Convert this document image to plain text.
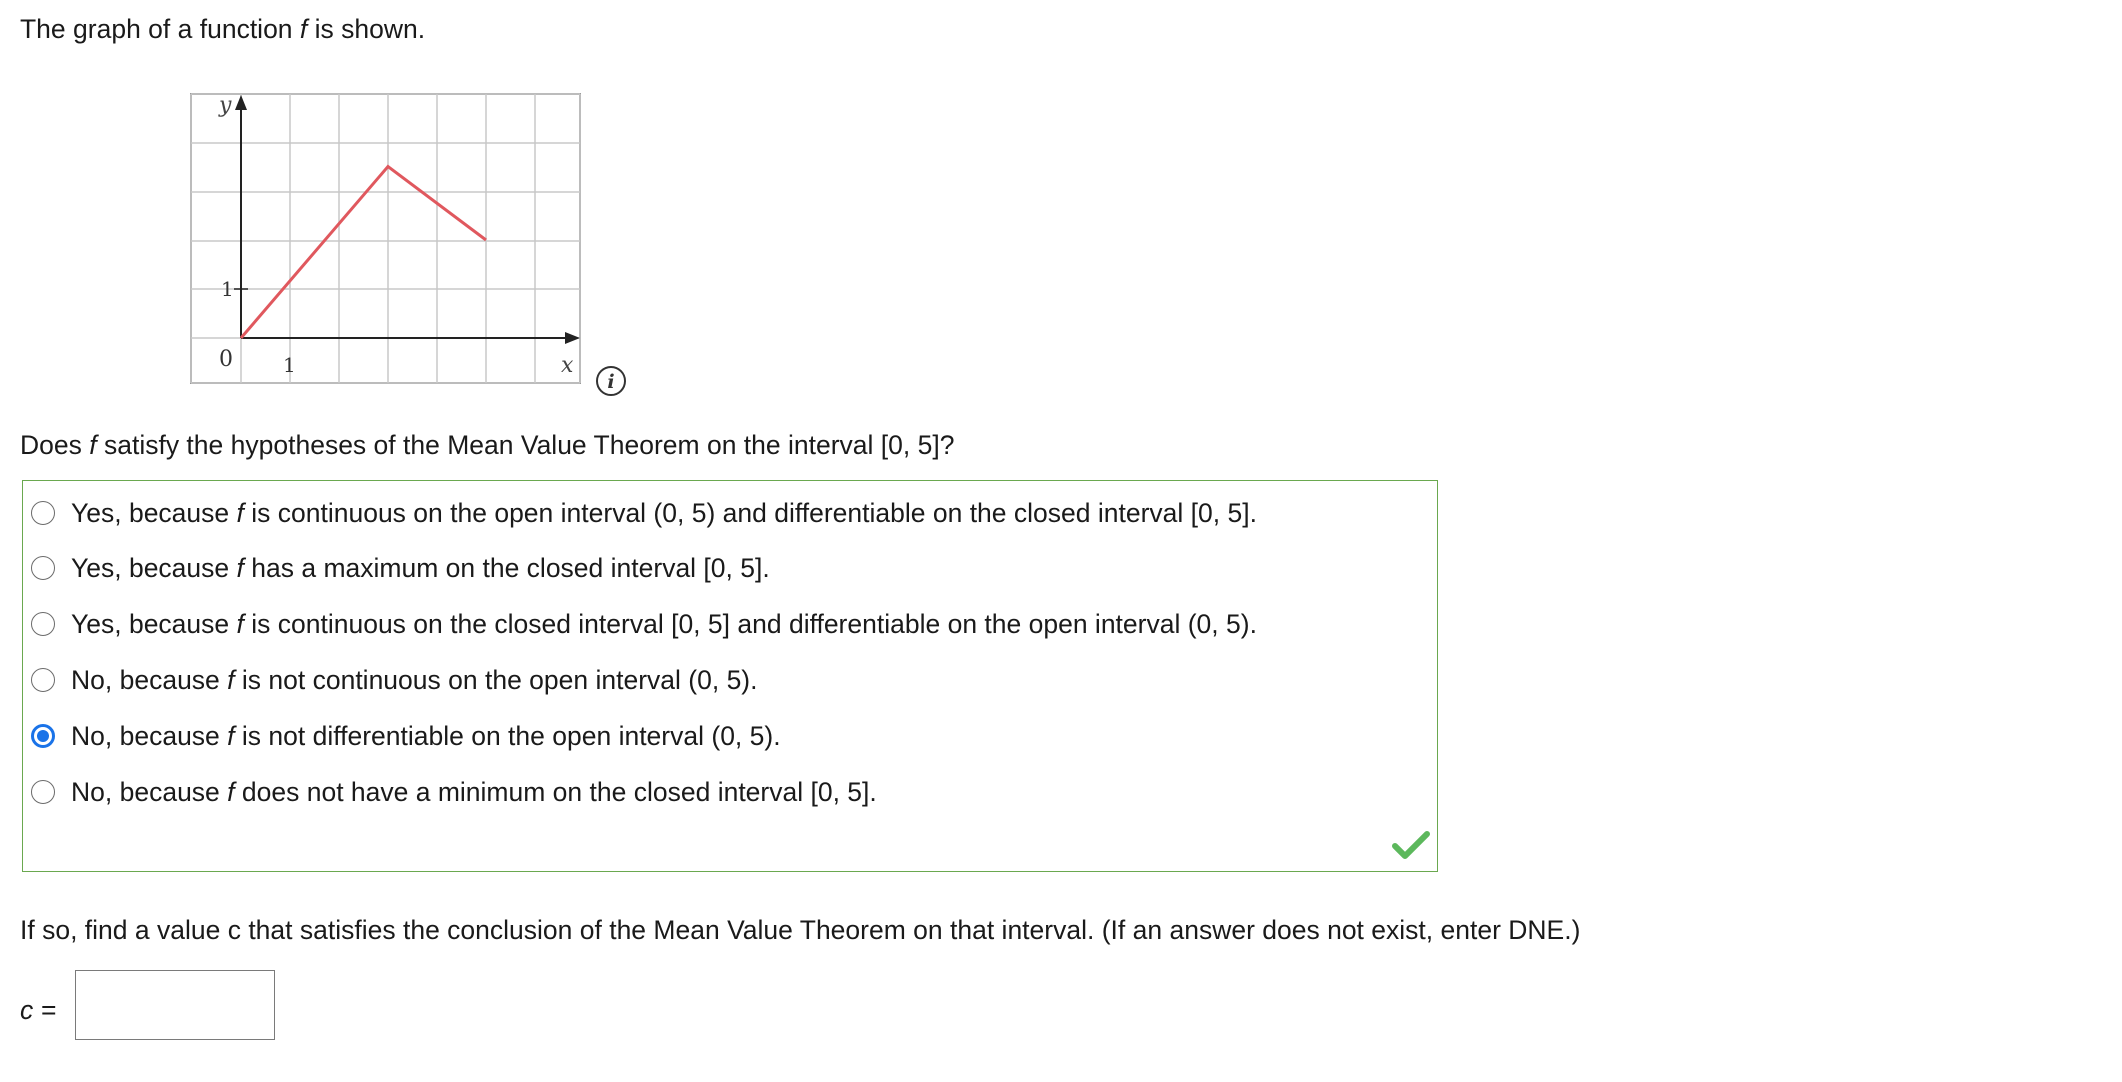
The graph of a function f is shown.
y
x
0	1
1
i
Does f satisfy the hypotheses of the Mean Value Theorem on the interval [0, 5]?
Yes, because f is continuous on the open interval (0, 5) and differentiable on the closed interval [0, 5].
Yes, because f has a maximum on the closed interval [0, 5].
Yes, because f is continuous on the closed interval [0, 5] and differentiable on the open interval (0, 5).
No, because f is not continuous on the open interval (0, 5).
No, because f is not differentiable on the open interval (0, 5).
No, because f does not have a minimum on the closed interval [0, 5].
If so, find a value c that satisfies the conclusion of the Mean Value Theorem on that interval. (If an answer does not exist, enter DNE.)
c =
